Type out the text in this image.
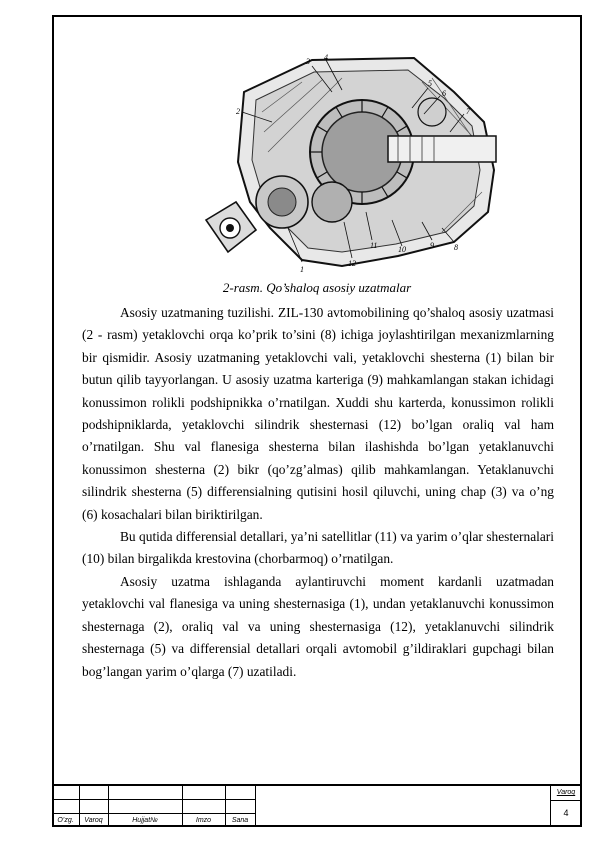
3 4
2
5
6
7
8
9
10
11
12
1
2-rasm. Qo’shaloq asosiy uzatmalar

Asosiy uzatmaning tuzilishi. ZIL-130 avtomobilining qo’shaloq asosiy uzatmasi (2 - rasm) yetaklovchi orqa ko’prik to’sini (8) ichiga joylashtirilgan mexanizmlarning bir qismidir. Asosiy uzatmaning yetaklovchi vali, yetaklovchi shesterna (1) bilan bir butun qilib tayyorlangan. U asosiy uzatma karteriga (9) mahkamlangan stakan ichidagi konussimon rolikli podshipnikka o’rnatilgan. Xuddi shu karterda, konussimon rolikli podshipniklarda, yetaklovchi silindrik shesternasi (12) bo’lgan oraliq val ham o’rnatilgan. Shu val flanesiga shesterna bilan ilashishda bo’lgan yetaklanuvchi konussimon shesterna (2) bikr (qo’zg’almas) qilib mahkamlangan. Yetaklanuvchi silindrik shesterna (5) differensialning qutisini hosil qiluvchi, uning chap (3) va o’ng (6) kosachalari bilan biriktirilgan.

Bu qutida differensial detallari, ya’ni satellitlar (11) va yarim o’qlar shesternalari (10) bilan birgalikda krestovina (chorbarmoq) o’rnatilgan.

Asosiy uzatma ishlaganda aylantiruvchi moment kardanli uzatmadan yetaklovchi val flanesiga va uning shesternasiga (1), undan yetaklanuvchi konussimon shesternaga (2), oraliq val va uning shesternasiga (12), yetaklanuvchi silindrik shesternaga (5) va differensial detallari orqali avtomobil g’ildiraklari gupchagi bilan bog’langan yarim o’qlarga (7) uzatiladi.

O’zg.	Varoq	Hujjat№	Imzo	Sana
Varoq
4
